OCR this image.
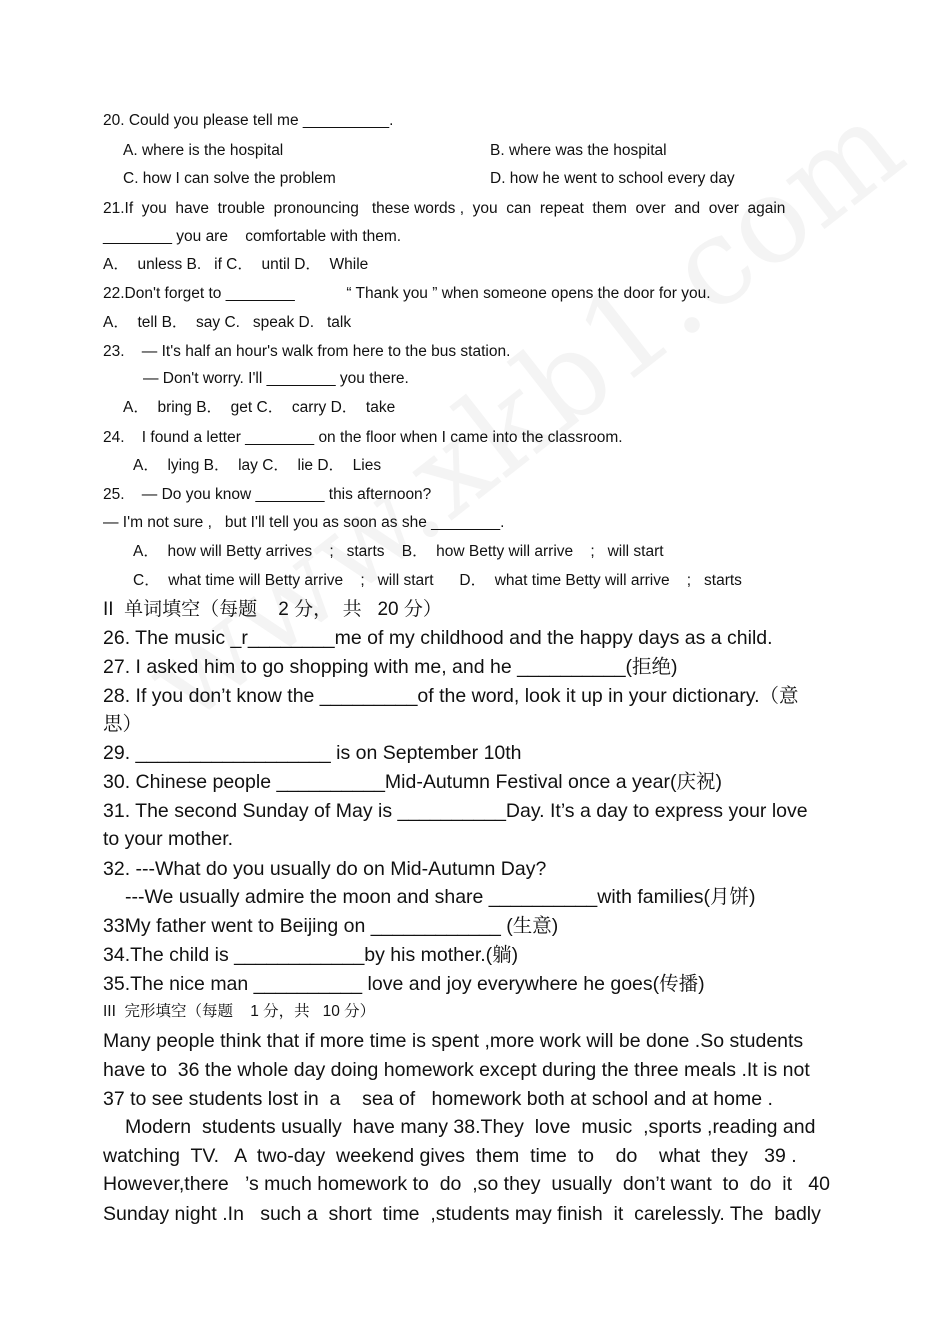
20. Could you please tell me __________.
A. where is the hospital	B. where was the hospital
C. how I can solve the problem	D. how he went to school every day
21.If  you  have  trouble  pronouncing   these words ,  you  can  repeat  them  over  and  over  again
________ you are    comfortable with them.
A．  unless B.   if C．  until D．  While
22.Don't forget to ________            “ Thank you ” when someone opens the door for you.
A．  tell B．  say C.   speak D.   talk
23.    — It's half an hour's walk from here to the bus station.
— Don't worry. I'll ________ you there.
A．  bring B．  get C．  carry D．  take
24.    I found a letter ________ on the floor when I came into the classroom.
A．  lying B．  lay C．  lie D．  Lies
25.    — Do you know ________ this afternoon?
— I'm not sure ,   but I'll tell you as soon as she ________.
A．  how will Betty arrives    ;   starts    B．  how Betty will arrive    ;   will start
C．  what time will Betty arrive    ;   will start      D．  what time Betty will arrive    ;   starts
II  单词填空（每题    2 分，  共   20 分）
26. The music _r________me of my childhood and the happy days as a child.
27. I asked him to go shopping with me, and he __________(拒绝)
28. If you don’t know the _________of the word, look it up in your dictionary.（意
思）
29. __________________ is on September 10th
30. Chinese people __________Mid-Autumn Festival once a year(庆祝)
31. The second Sunday of May is __________Day. It’s a day to express your love
to your mother.
32. ---What do you usually do on Mid-Autumn Day?
---We usually admire the moon and share __________with families(月饼)
33My father went to Beijing on ____________ (生意)
34.The child is ____________by his mother.(躺)
35.The nice man __________ love and joy everywhere he goes(传播)
III  完形填空（每题    1 分，共   10 分）
Many people think that if more time is spent ,more work will be done .So students
have to  36 the whole day doing homework except during the three meals .It is not
37 to see students lost in  a    sea of   homework both at school and at home .
Modern  students usually  have many 38.They  love  music  ,sports ,reading and
watching  TV.   A  two-day  weekend gives  them  time  to    do    what  they   39 .
However,there   ’s much homework to  do  ,so they  usually  don’t want  to  do  it   40
Sunday night .In   such a  short  time  ,students may finish  it  carelessly. The  badly
